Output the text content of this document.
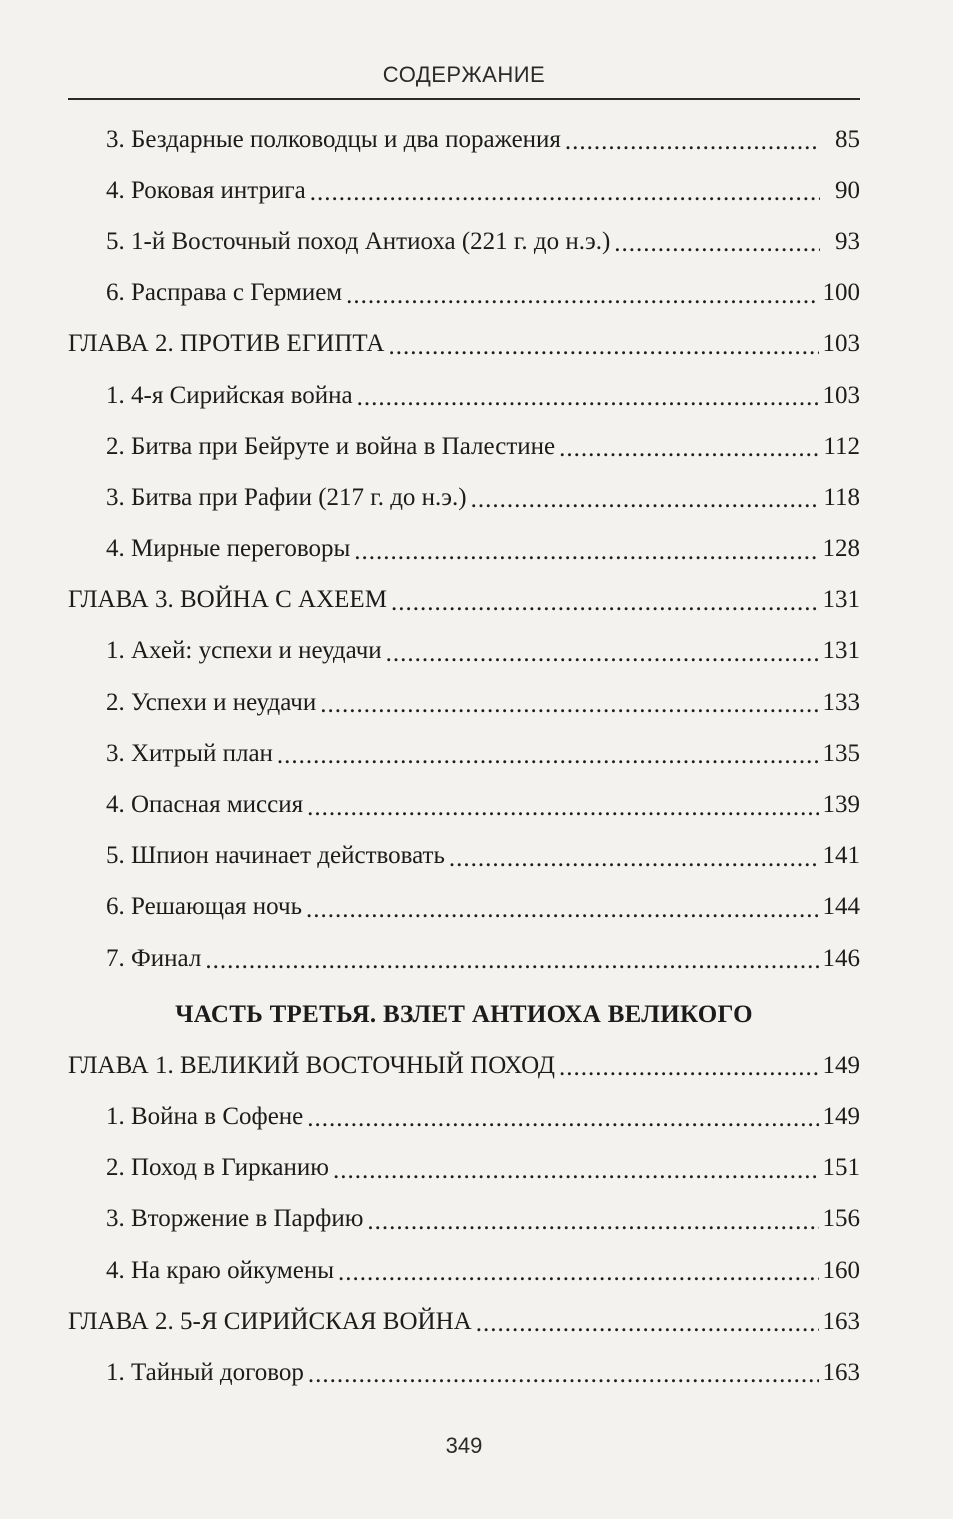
СОДЕРЖАНИЕ
3. Бездарные полководцы и два поражения .....	85
4. Роковая интрига .....	90
5. 1-й Восточный поход Антиоха (221 г. до н.э.) .....	93
6. Расправа с Гермием .....	100
ГЛАВА 2. ПРОТИВ ЕГИПТА .....	103
1. 4-я Сирийская война .....	103
2. Битва при Бейруте и война в Палестине .....	112
3. Битва при Рафии (217 г. до н.э.) .....	118
4. Мирные переговоры .....	128
ГЛАВА 3. ВОЙНА С АХЕЕМ .....	131
1. Ахей: успехи и неудачи .....	131
2. Успехи и неудачи .....	133
3. Хитрый план .....	135
4. Опасная миссия .....	139
5. Шпион начинает действовать .....	141
6. Решающая ночь .....	144
7. Финал .....	146
ЧАСТЬ ТРЕТЬЯ. ВЗЛЕТ АНТИОХА ВЕЛИКОГО
ГЛАВА 1. ВЕЛИКИЙ ВОСТОЧНЫЙ ПОХОД .....	149
1. Война в Софене .....	149
2. Поход в Гирканию .....	151
3. Вторжение в Парфию .....	156
4. На краю ойкумены .....	160
ГЛАВА 2. 5-Я СИРИЙСКАЯ ВОЙНА .....	163
1. Тайный договор .....	163
349
